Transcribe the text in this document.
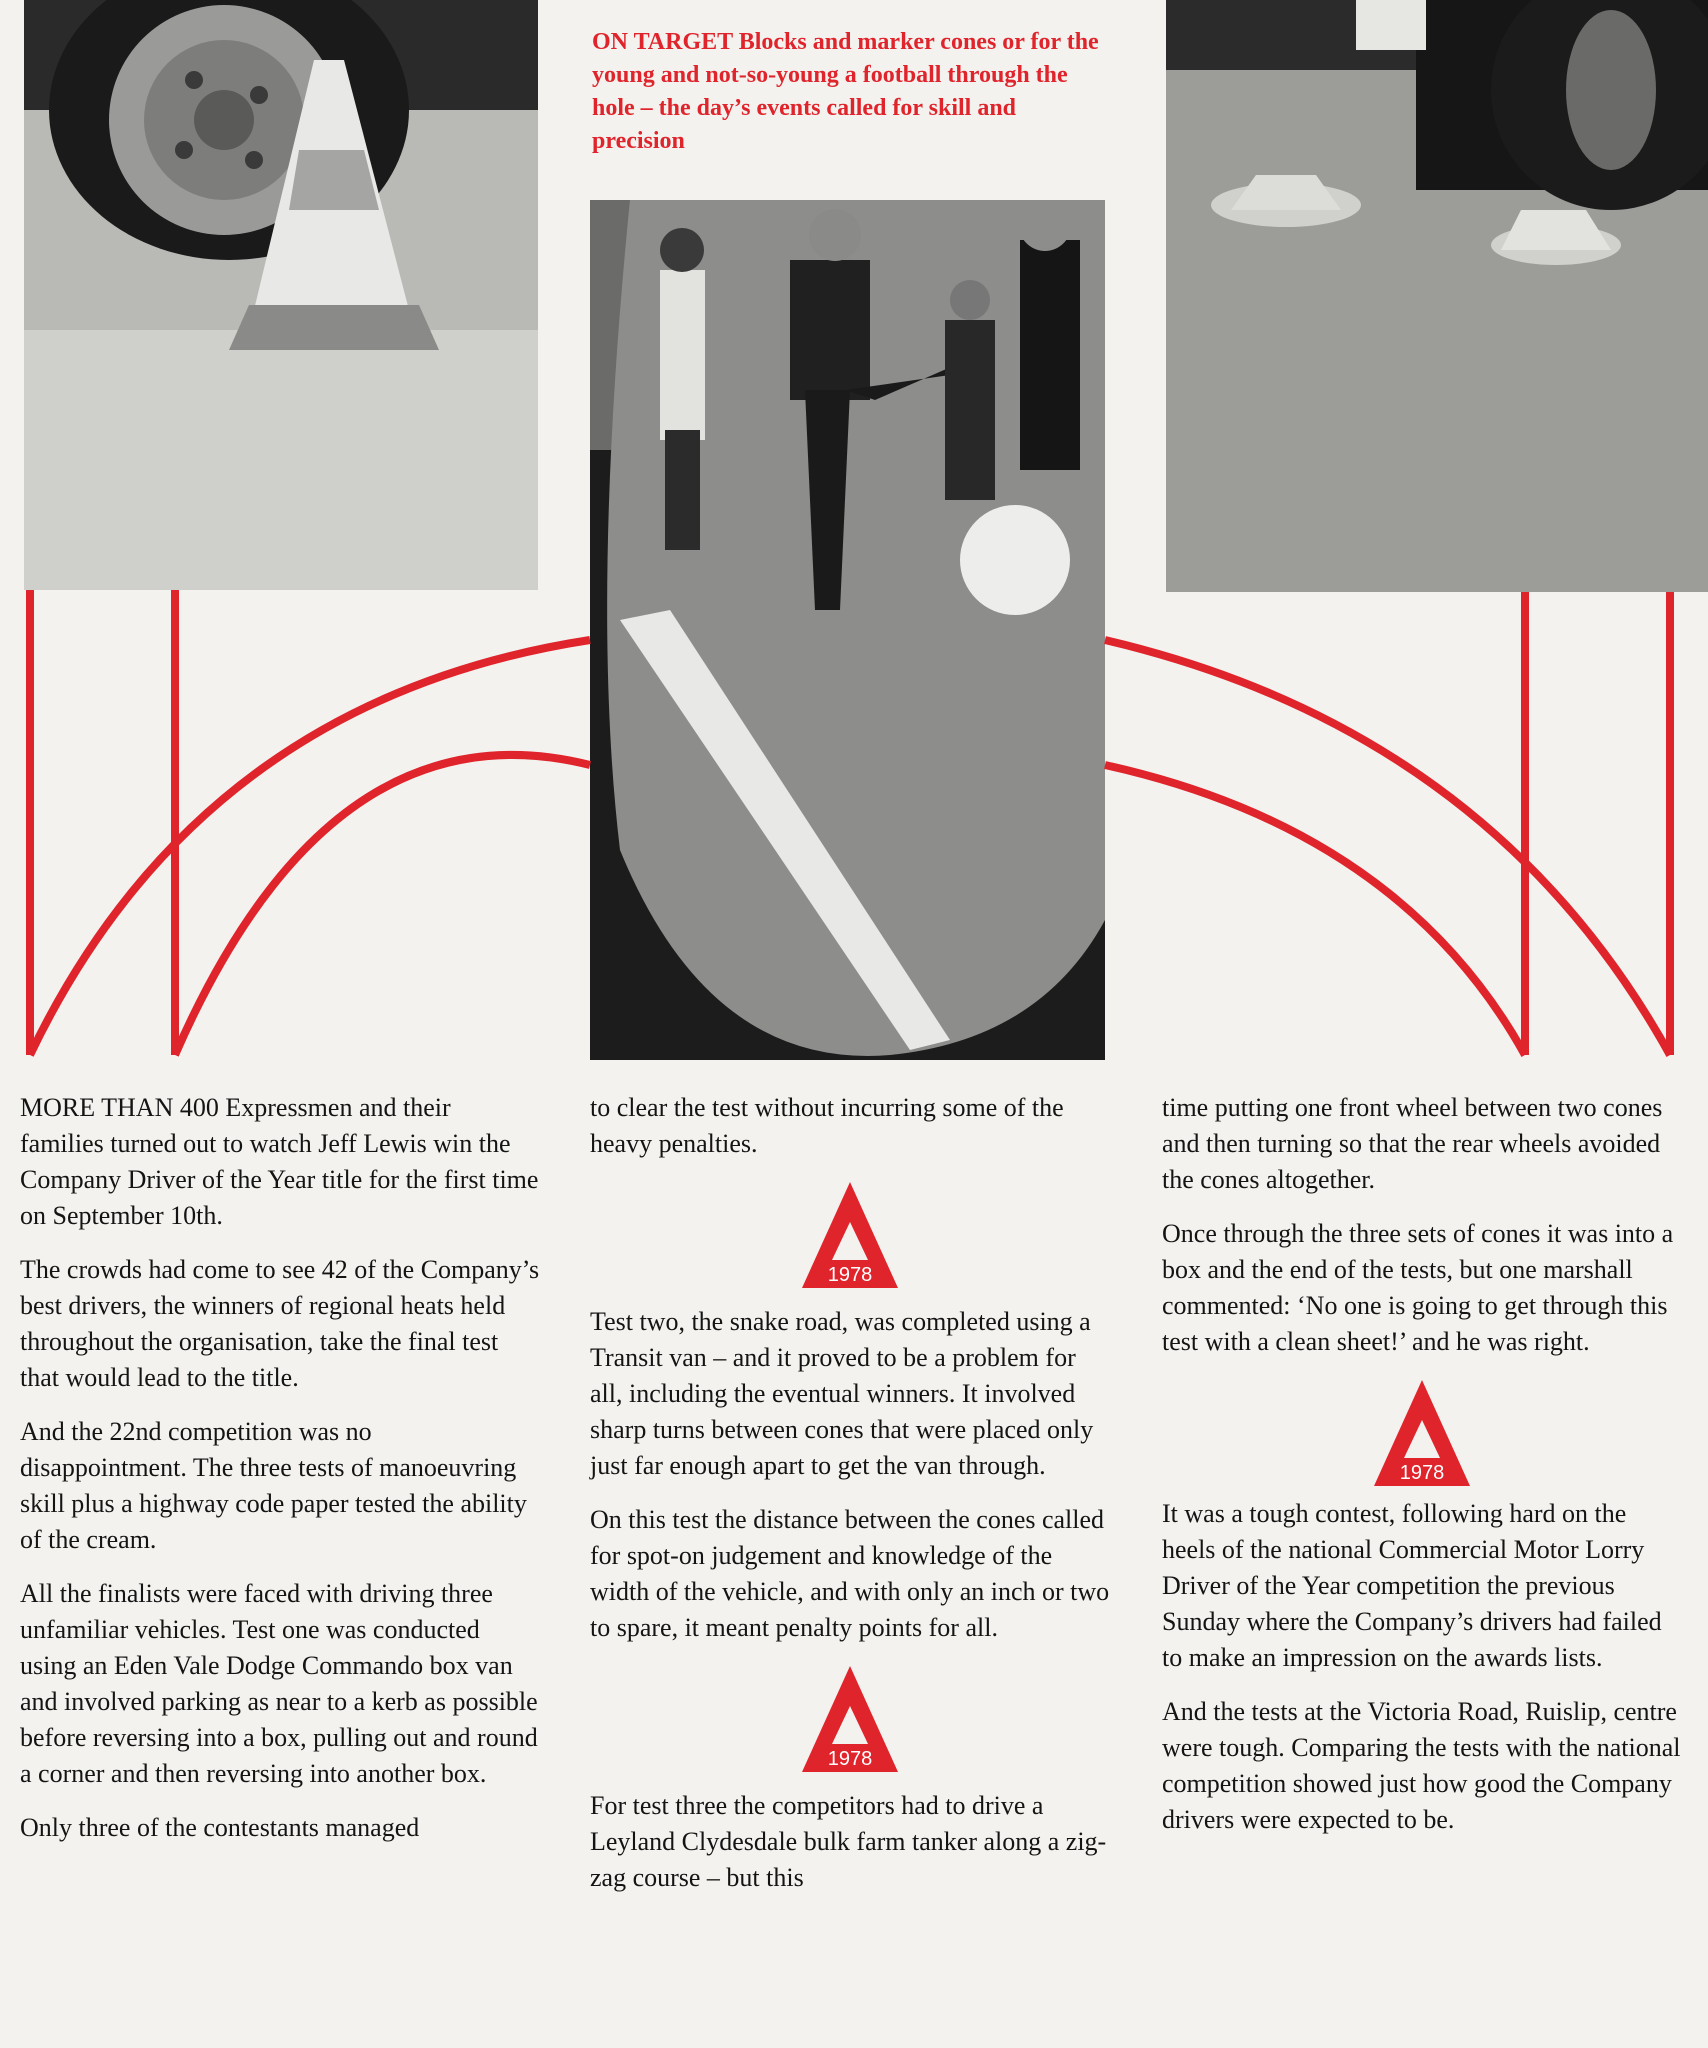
ON TARGET Blocks and marker cones or for the young and not-so-young a football through the hole – the day’s events called for skill and precision

MORE THAN 400 Expressmen and their families turned out to watch Jeff Lewis win the Company Driver of the Year title for the first time on September 10th.

The crowds had come to see 42 of the Company’s best drivers, the winners of regional heats held throughout the organisation, take the final test that would lead to the title.

And the 22nd competition was no disappointment. The three tests of manoeuvring skill plus a highway code paper tested the ability of the cream.

All the finalists were faced with driving three unfamiliar vehicles. Test one was conducted using an Eden Vale Dodge Commando box van and involved parking as near to a kerb as possible before reversing into a box, pulling out and round a corner and then reversing into another box.

Only three of the contestants managed

to clear the test without incurring some of the heavy penalties.

1978

Test two, the snake road, was completed using a Transit van – and it proved to be a problem for all, including the eventual winners. It involved sharp turns between cones that were placed only just far enough apart to get the van through.

On this test the distance between the cones called for spot-on judgement and knowledge of the width of the vehicle, and with only an inch or two to spare, it meant penalty points for all.

1978

For test three the competitors had to drive a Leyland Clydesdale bulk farm tanker along a zig-zag course – but this

time putting one front wheel between two cones and then turning so that the rear wheels avoided the cones altogether.

Once through the three sets of cones it was into a box and the end of the tests, but one marshall commented: ‘No one is going to get through this test with a clean sheet!’ and he was right.

1978

It was a tough contest, following hard on the heels of the national Commercial Motor Lorry Driver of the Year competition the previous Sunday where the Company’s drivers had failed to make an impression on the awards lists.

And the tests at the Victoria Road, Ruislip, centre were tough. Comparing the tests with the national competition showed just how good the Company drivers were expected to be.
